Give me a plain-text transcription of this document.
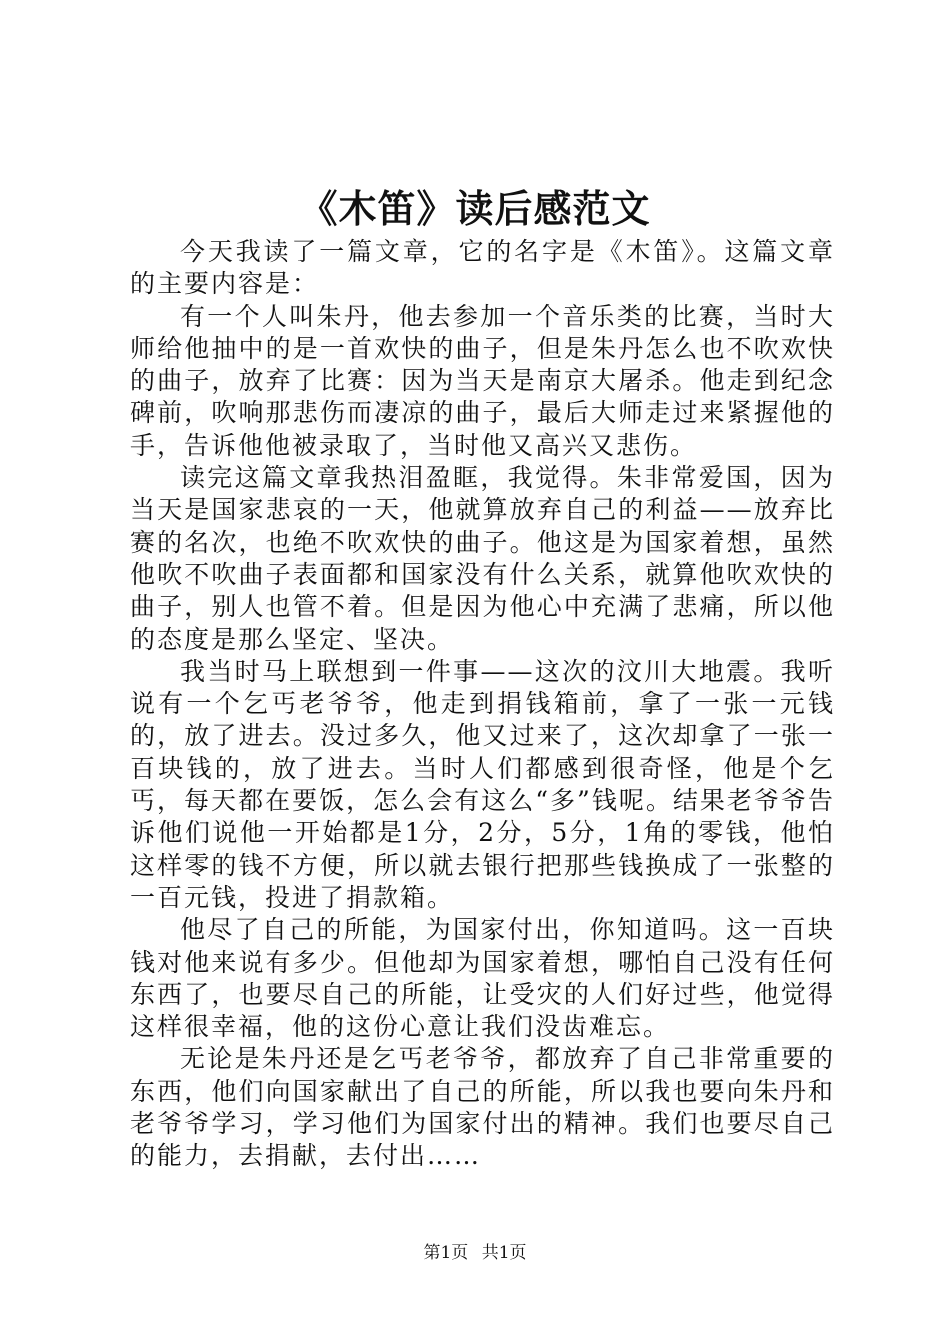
《木笛》读后感范文

今天我读了一篇文章，它的名字是《木笛》。这篇文章的主要内容是：

有一个人叫朱丹，他去参加一个音乐类的比赛，当时大师给他抽中的是一首欢快的曲子，但是朱丹怎么也不吹欢快的曲子，放弃了比赛：因为当天是南京大屠杀。他走到纪念碑前，吹响那悲伤而凄凉的曲子，最后大师走过来紧握他的手，告诉他他被录取了，当时他又高兴又悲伤。

读完这篇文章我热泪盈眶，我觉得。朱非常爱国，因为当天是国家悲哀的一天，他就算放弃自己的利益——放弃比赛的名次，也绝不吹欢快的曲子。他这是为国家着想，虽然他吹不吹曲子表面都和国家没有什么关系，就算他吹欢快的曲子，别人也管不着。但是因为他心中充满了悲痛，所以他的态度是那么坚定、坚决。

我当时马上联想到一件事——这次的汶川大地震。我听说有一个乞丐老爷爷，他走到捐钱箱前，拿了一张一元钱的，放了进去。没过多久，他又过来了，这次却拿了一张一百块钱的，放了进去。当时人们都感到很奇怪，他是个乞丐，每天都在要饭，怎么会有这么“多”钱呢。结果老爷爷告诉他们说他一开始都是1分，2分，5分，1角的零钱，他怕这样零的钱不方便，所以就去银行把那些钱换成了一张整的一百元钱，投进了捐款箱。

他尽了自己的所能，为国家付出，你知道吗。这一百块钱对他来说有多少。但他却为国家着想，哪怕自己没有任何东西了，也要尽自己的所能，让受灾的人们好过些，他觉得这样很幸福，他的这份心意让我们没齿难忘。

无论是朱丹还是乞丐老爷爷，都放弃了自己非常重要的东西，他们向国家献出了自己的所能，所以我也要向朱丹和老爷爷学习，学习他们为国家付出的精神。我们也要尽自己的能力，去捐献，去付出……

第1页 共1页
